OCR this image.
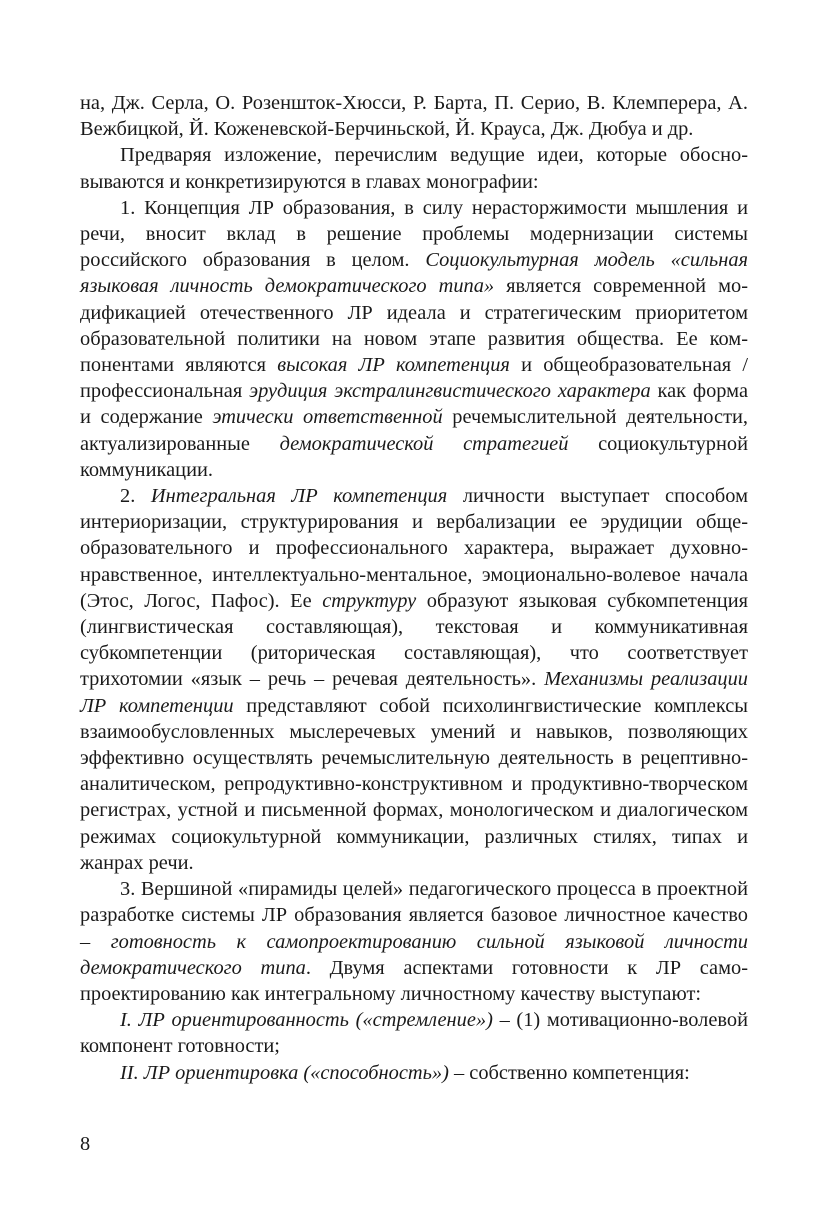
на, Дж. Серла, О. Розеншток-Хюсси, Р. Барта, П. Серио, В. Клемперера, А. Вежбицкой, Й. Коженевской-Берчиньской, Й. Крауса, Дж. Дюбуа и др.

Предваряя изложение, перечислим ведущие идеи, которые обосновываются и конкретизируются в главах монографии:

1. Концепция ЛР образования, в силу нерасторжимости мышления и речи, вносит вклад в решение проблемы модернизации системы российского образования в целом. Социокультурная модель «сильная языковая личность демократического типа» является современной модификацией отечественного ЛР идеала и стратегическим приоритетом образовательной политики на новом этапе развития общества. Ее компонентами являются высокая ЛР компетенция и общеобразовательная / профессиональная эрудиция экстралингвистического характера как форма и содержание этически ответственной речемыслительной деятельности, актуализированные демократической стратегией социокультурной коммуникации.

2. Интегральная ЛР компетенция личности выступает способом интериоризации, структурирования и вербализации ее эрудиции общеобразовательного и профессионального характера, выражает духовно-нравственное, интеллектуально-ментальное, эмоционально-волевое начала (Этос, Логос, Пафос). Ее структуру образуют языковая субкомпетенция (лингвистическая составляющая), текстовая и коммуникативная субкомпетенции (риторическая составляющая), что соответствует трихотомии «язык – речь – речевая деятельность». Механизмы реализации ЛР компетенции представляют собой психолингвистические комплексы взаимообусловленных мыслеречевых умений и навыков, позволяющих эффективно осуществлять речемыслительную деятельность в рецептивно-аналитическом, репродуктивно-конструктивном и продуктивно-творческом регистрах, устной и письменной формах, монологическом и диалогическом режимах социокультурной коммуникации, различных стилях, типах и жанрах речи.

3. Вершиной «пирамиды целей» педагогического процесса в проектной разработке системы ЛР образования является базовое личностное качество – готовность к самопроектированию сильной языковой личности демократического типа. Двумя аспектами готовности к ЛР самопроектированию как интегральному личностному качеству выступают:

I. ЛР ориентированность («стремление») – (1) мотивационно-волевой компонент готовности;

II. ЛР ориентировка («способность») – собственно компетенция:

8
